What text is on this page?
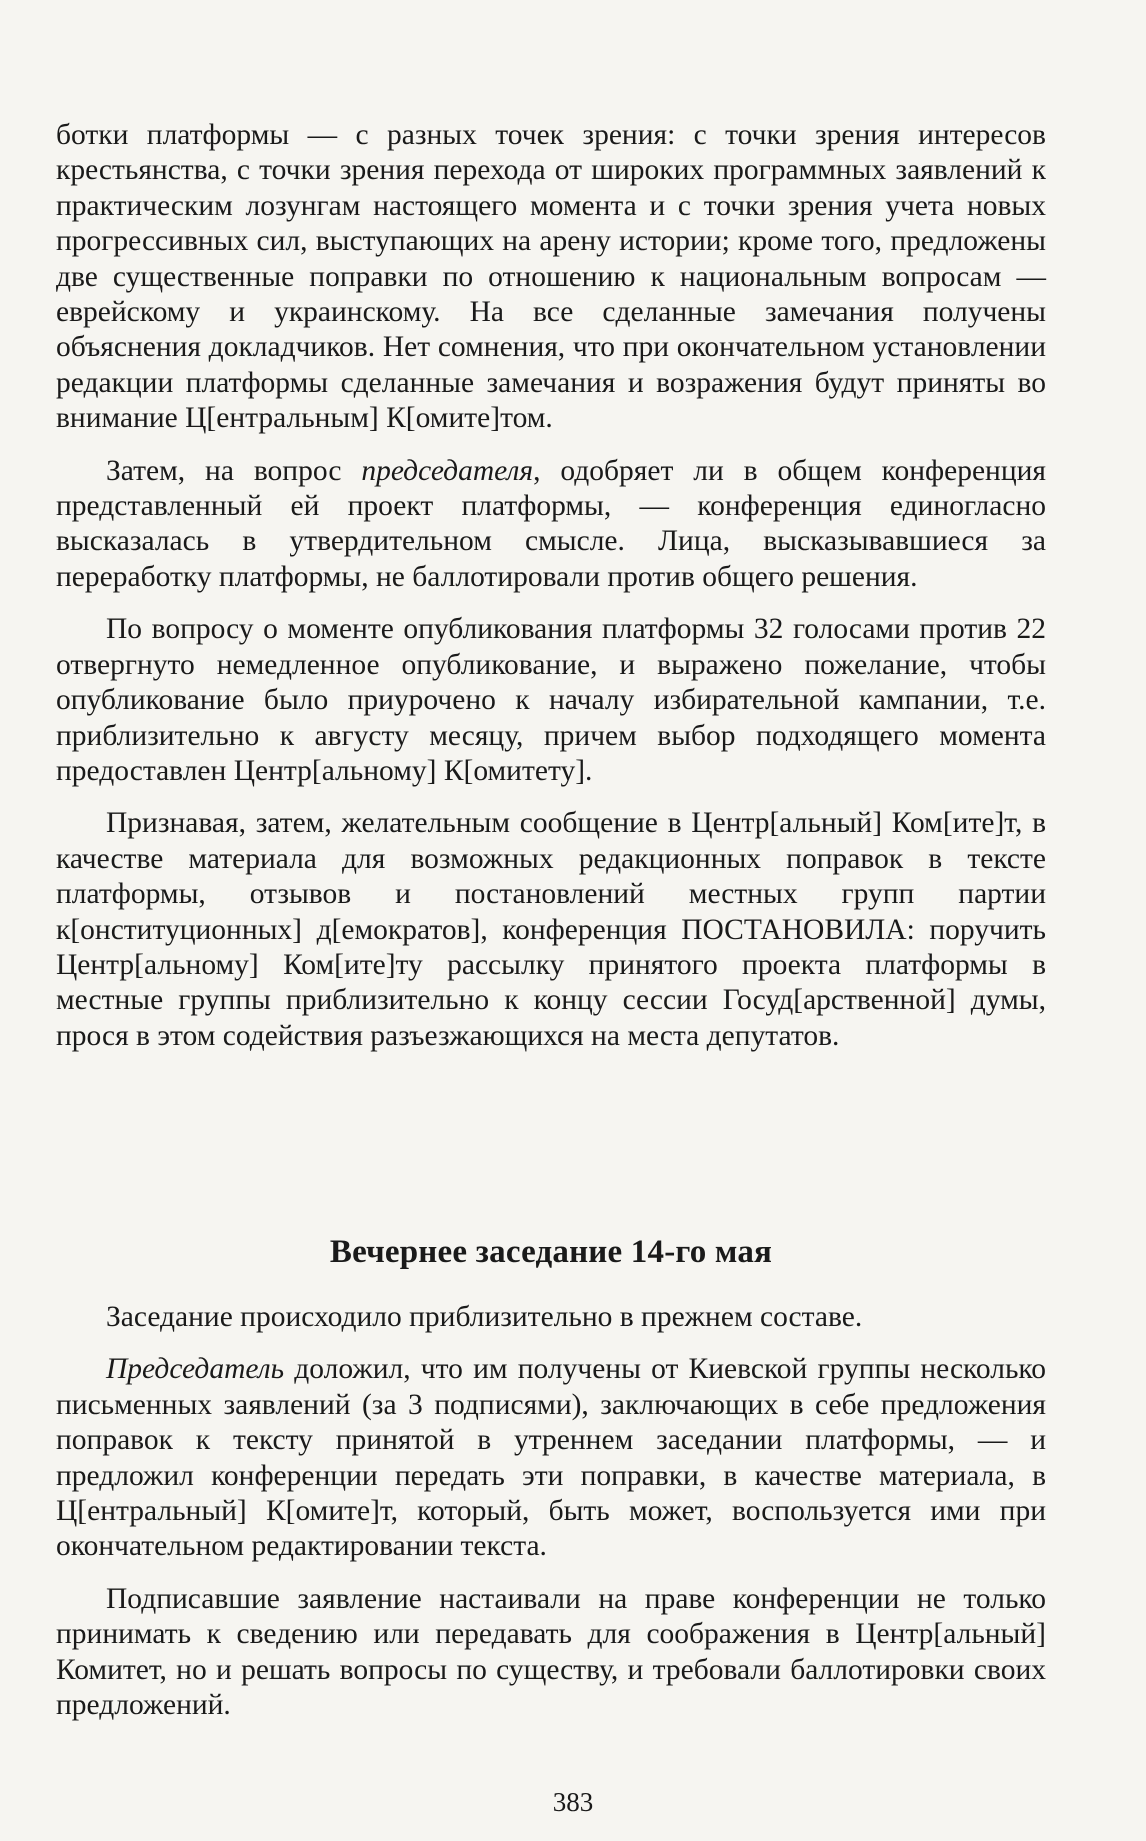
ботки платформы — с разных точек зрения: с точки зрения интересов крестьянства, с точки зрения перехода от широких программных заявлений к практическим лозунгам настоящего момента и с точки зрения учета новых прогрессивных сил, выступающих на арену истории; кроме того, предложены две существенные поправки по отношению к национальным вопросам — еврейскому и украинскому. На все сделанные замечания получены объяснения докладчиков. Нет сомнения, что при окончательном установлении редакции платформы сделанные замечания и возражения будут приняты во внимание Ц[ентральным] К[омите]том.

Затем, на вопрос председателя, одобряет ли в общем конференция представленный ей проект платформы, — конференция единогласно высказалась в утвердительном смысле. Лица, высказывавшиеся за переработку платформы, не баллотировали против общего решения.

По вопросу о моменте опубликования платформы 32 голосами против 22 отвергнуто немедленное опубликование, и выражено пожелание, чтобы опубликование было приурочено к началу избирательной кампании, т.е. приблизительно к августу месяцу, причем выбор подходящего момента предоставлен Центр[альному] К[омитету].

Признавая, затем, желательным сообщение в Центр[альный] Ком[ите]т, в качестве материала для возможных редакционных поправок в тексте платформы, отзывов и постановлений местных групп партии к[онституционных] д[емократов], конференция ПОСТАНОВИЛА: поручить Центр[альному] Ком[ите]ту рассылку принятого проекта платформы в местные группы приблизительно к концу сессии Госуд[арственной] думы, прося в этом содействия разъезжающихся на места депутатов.

Вечернее заседание 14-го мая

Заседание происходило приблизительно в прежнем составе.

Председатель доложил, что им получены от Киевской группы несколько письменных заявлений (за 3 подписями), заключающих в себе предложения поправок к тексту принятой в утреннем заседании платформы, — и предложил конференции передать эти поправки, в качестве материала, в Ц[ентральный] К[омите]т, который, быть может, воспользуется ими при окончательном редактировании текста.

Подписавшие заявление настаивали на праве конференции не только принимать к сведению или передавать для соображения в Центр[альный] Комитет, но и решать вопросы по существу, и требовали баллотировки своих предложений.

383
